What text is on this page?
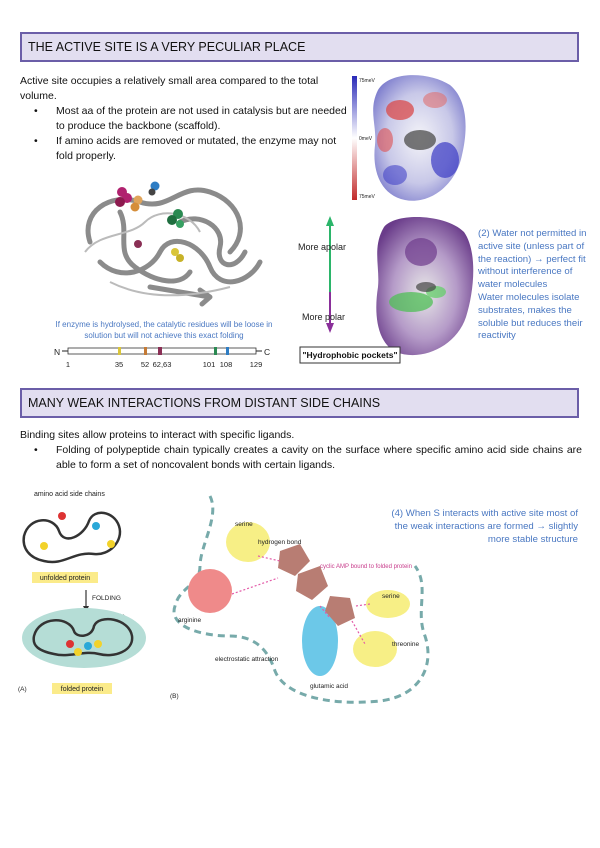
THE ACTIVE SITE IS A VERY PECULIAR PLACE
Active site occupies a relatively small area compared to the total volume.
• Most aa of the protein are not used in catalysis but are needed to produce the backbone (scaffold).
• If amino acids are removed or mutated, the enzyme may not fold properly.
If enzyme is hydrolysed, the catalytic residues will be loose in solution but will not achieve this exact folding
N	C
1	35 52 62,63	101 108 129
75meV
0meV
75meV
More apolar
More polar
"Hydrophobic pockets"
(2) Water not permitted in active site (unless part of the reaction) → perfect fit without interference of water molecules
Water molecules isolate substrates, makes the soluble but reduces their reactivity
MANY WEAK INTERACTIONS FROM DISTANT SIDE CHAINS
Binding sites allow proteins to interact with specific ligands.
• Folding of polypeptide chain typically creates a cavity on the surface where specific amino acid side chains are able to form a set of noncovalent bonds with certain ligands.
amino acid side chains
unfolded protein
FOLDING
(A)	folded protein
serine
hydrogen bond
cyclic AMP bound to folded protein
arginine
electrostatic attraction
glutamic acid
serine
threonine
(B)
(4) When S interacts with active site most of the weak interactions are formed → slightly more stable structure
